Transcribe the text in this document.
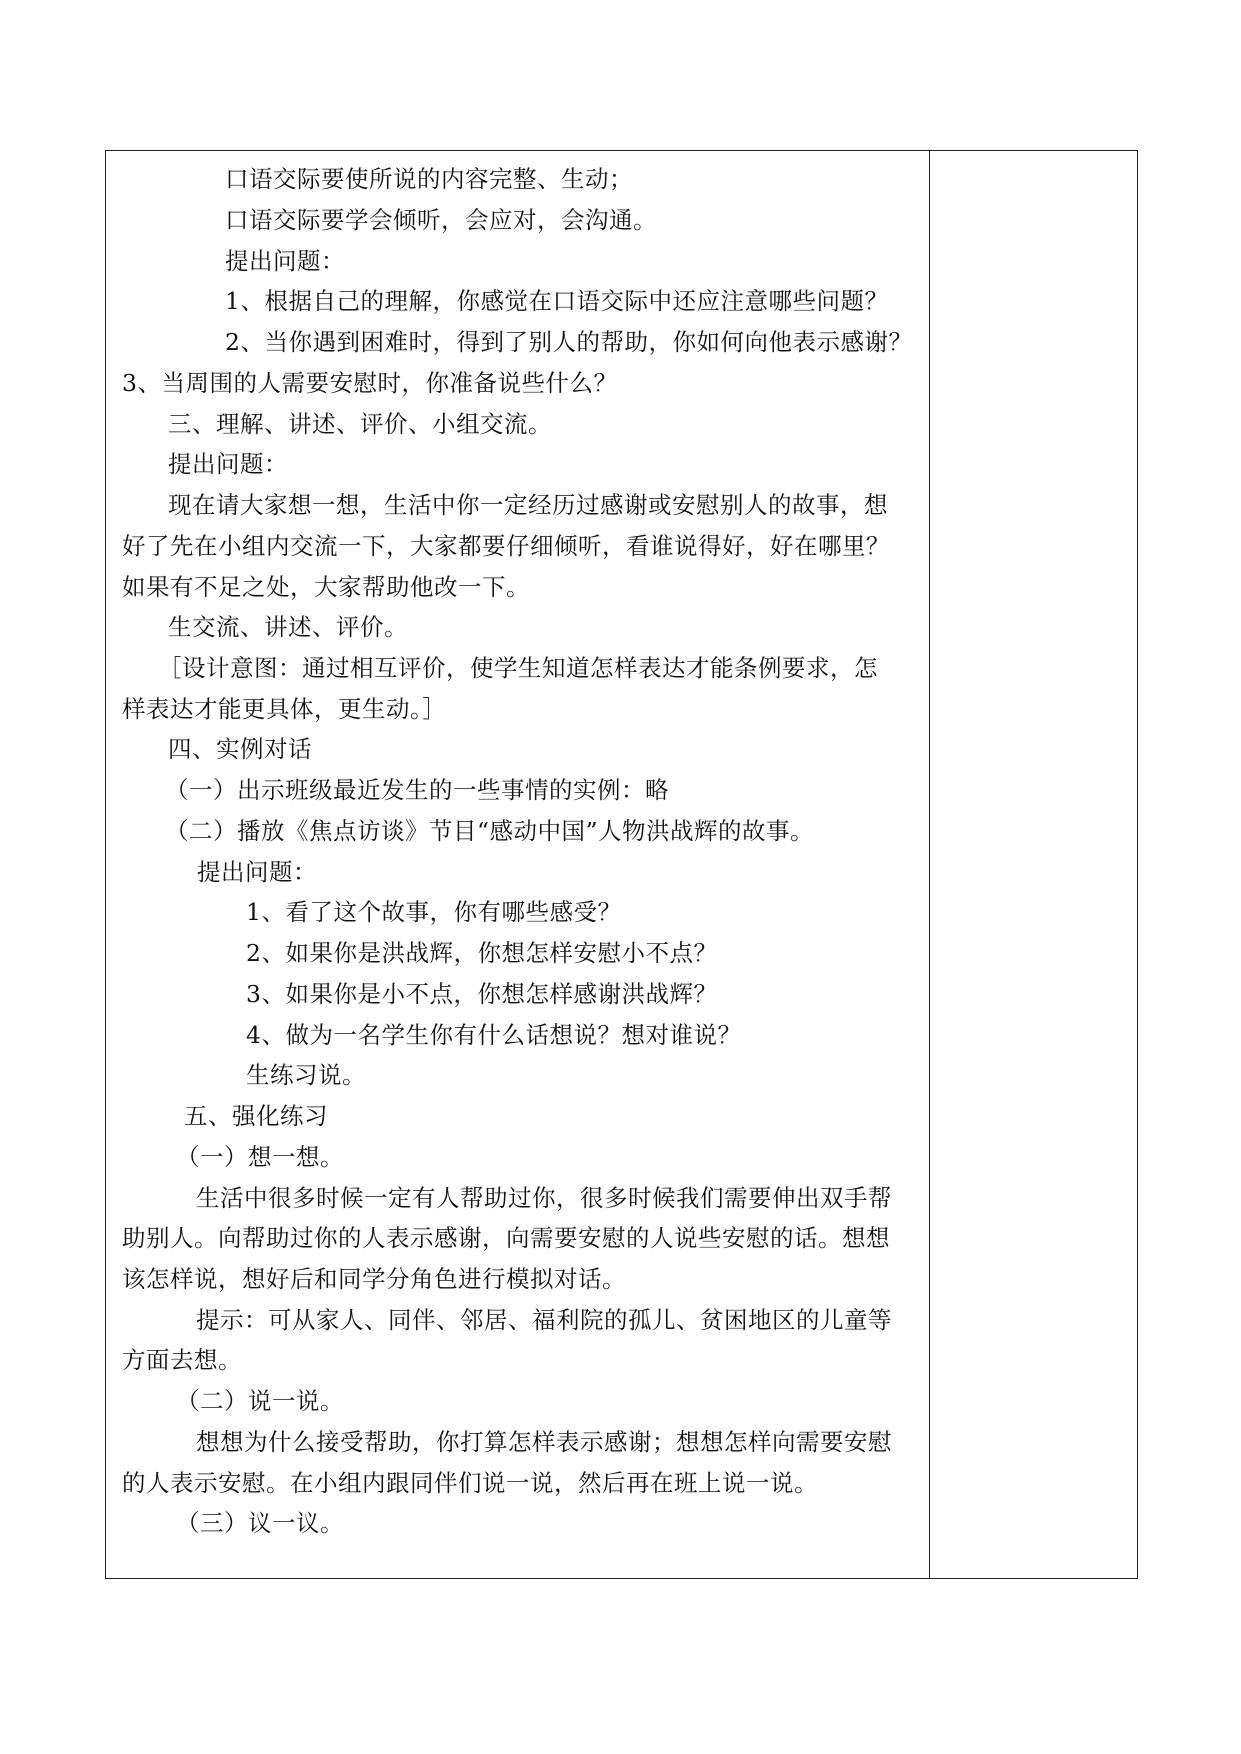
口语交际要使所说的内容完整、生动；
口语交际要学会倾听，会应对，会沟通。
提出问题：
1、根据自己的理解，你感觉在口语交际中还应注意哪些问题？
2、当你遇到困难时，得到了别人的帮助，你如何向他表示感谢？
3、当周围的人需要安慰时，你准备说些什么？
三、理解、讲述、评价、小组交流。
提出问题：
现在请大家想一想，生活中你一定经历过感谢或安慰别人的故事，想
好了先在小组内交流一下，大家都要仔细倾听，看谁说得好，好在哪里？
如果有不足之处，大家帮助他改一下。
生交流、讲述、评价。
［设计意图：通过相互评价，使学生知道怎样表达才能条例要求，怎
样表达才能更具体，更生动。］
四、实例对话
（一）出示班级最近发生的一些事情的实例：略
（二）播放《焦点访谈》节目“感动中国”人物洪战辉的故事。
提出问题：
1、看了这个故事，你有哪些感受？
2、如果你是洪战辉，你想怎样安慰小不点？
3、如果你是小不点，你想怎样感谢洪战辉？
4、做为一名学生你有什么话想说？想对谁说？
生练习说。
五、强化练习
（一）想一想。
生活中很多时候一定有人帮助过你，很多时候我们需要伸出双手帮
助别人。向帮助过你的人表示感谢，向需要安慰的人说些安慰的话。想想
该怎样说，想好后和同学分角色进行模拟对话。
提示：可从家人、同伴、邻居、福利院的孤儿、贫困地区的儿童等
方面去想。
（二）说一说。
想想为什么接受帮助，你打算怎样表示感谢；想想怎样向需要安慰
的人表示安慰。在小组内跟同伴们说一说，然后再在班上说一说。
（三）议一议。
